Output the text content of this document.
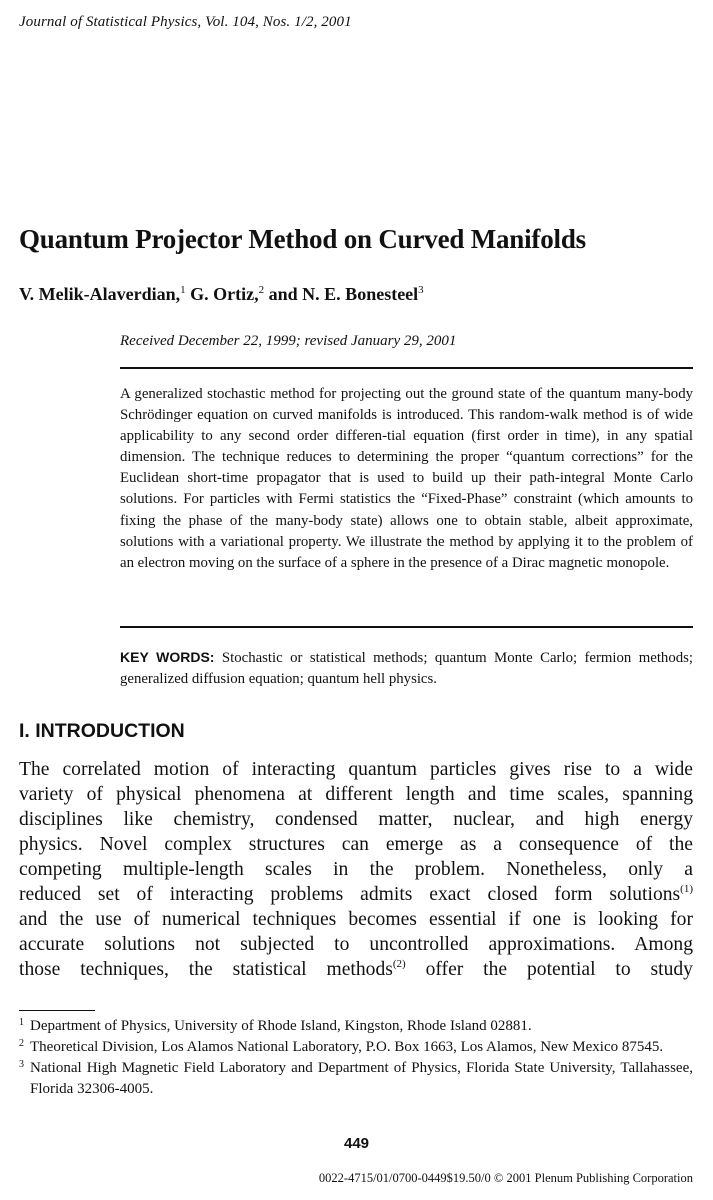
Journal of Statistical Physics, Vol. 104, Nos. 1/2, 2001
Quantum Projector Method on Curved Manifolds
V. Melik-Alaverdian,$^1$ G. Ortiz,$^2$ and N. E. Bonesteel$^3$
Received December 22, 1999; revised January 29, 2001

A generalized stochastic method for projecting out the ground state of the quantum many-body Schrödinger equation on curved manifolds is introduced. This random-walk method is of wide applicability to any second order differen-tial equation (first order in time), in any spatial dimension. The technique reduces to determining the proper “quantum corrections” for the Euclidean short-time propagator that is used to build up their path-integral Monte Carlo solutions. For particles with Fermi statistics the “Fixed-Phase” constraint (which amounts to fixing the phase of the many-body state) allows one to obtain stable, albeit approximate, solutions with a variational property. We illustrate the method by applying it to the problem of an electron moving on the surface of a sphere in the presence of a Dirac magnetic monopole.

KEY WORDS: Stochastic or statistical methods; quantum Monte Carlo; fermion methods; generalized diffusion equation; quantum hell physics.

I. INTRODUCTION
The correlated motion of interacting quantum particles gives rise to a wide
variety of physical phenomena at different length and time scales, spanning
disciplines like chemistry, condensed matter, nuclear, and high energy
physics. Novel complex structures can emerge as a consequence of the
competing multiple-length scales in the problem. Nonetheless, only a
reduced set of interacting problems admits exact closed form solutions$^{(1)}$
and the use of numerical techniques becomes essential if one is looking for
accurate solutions not subjected to uncontrolled approximations. Among
those techniques, the statistical methods$^{(2)}$ offer the potential to study
1 Department of Physics, University of Rhode Island, Kingston, Rhode Island 02881.
2 Theoretical Division, Los Alamos National Laboratory, P.O. Box 1663, Los Alamos, New Mexico 87545.
3 National High Magnetic Field Laboratory and Department of Physics, Florida State University, Tallahassee, Florida 32306-4005.
449
0022-4715/01/0700-0449$19.50/0 © 2001 Plenum Publishing Corporation
